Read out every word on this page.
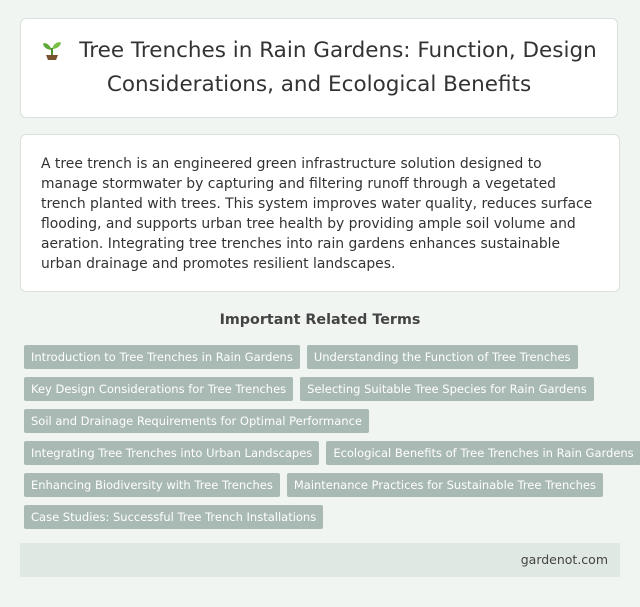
Tree Trenches in Rain Gardens: Function, Design Considerations, and Ecological Benefits

A tree trench is an engineered green infrastructure solution designed to manage stormwater by capturing and filtering runoff through a vegetated trench planted with trees. This system improves water quality, reduces surface flooding, and supports urban tree health by providing ample soil volume and aeration. Integrating tree trenches into rain gardens enhances sustainable urban drainage and promotes resilient landscapes.

Important Related Terms
Introduction to Tree Trenches in Rain Gardens Understanding the Function of Tree Trenches
Key Design Considerations for Tree Trenches Selecting Suitable Tree Species for Rain Gardens
Soil and Drainage Requirements for Optimal Performance
Integrating Tree Trenches into Urban Landscapes Ecological Benefits of Tree Trenches in Rain Gardens
Enhancing Biodiversity with Tree Trenches Maintenance Practices for Sustainable Tree Trenches
Case Studies: Successful Tree Trench Installations
gardenot.com
